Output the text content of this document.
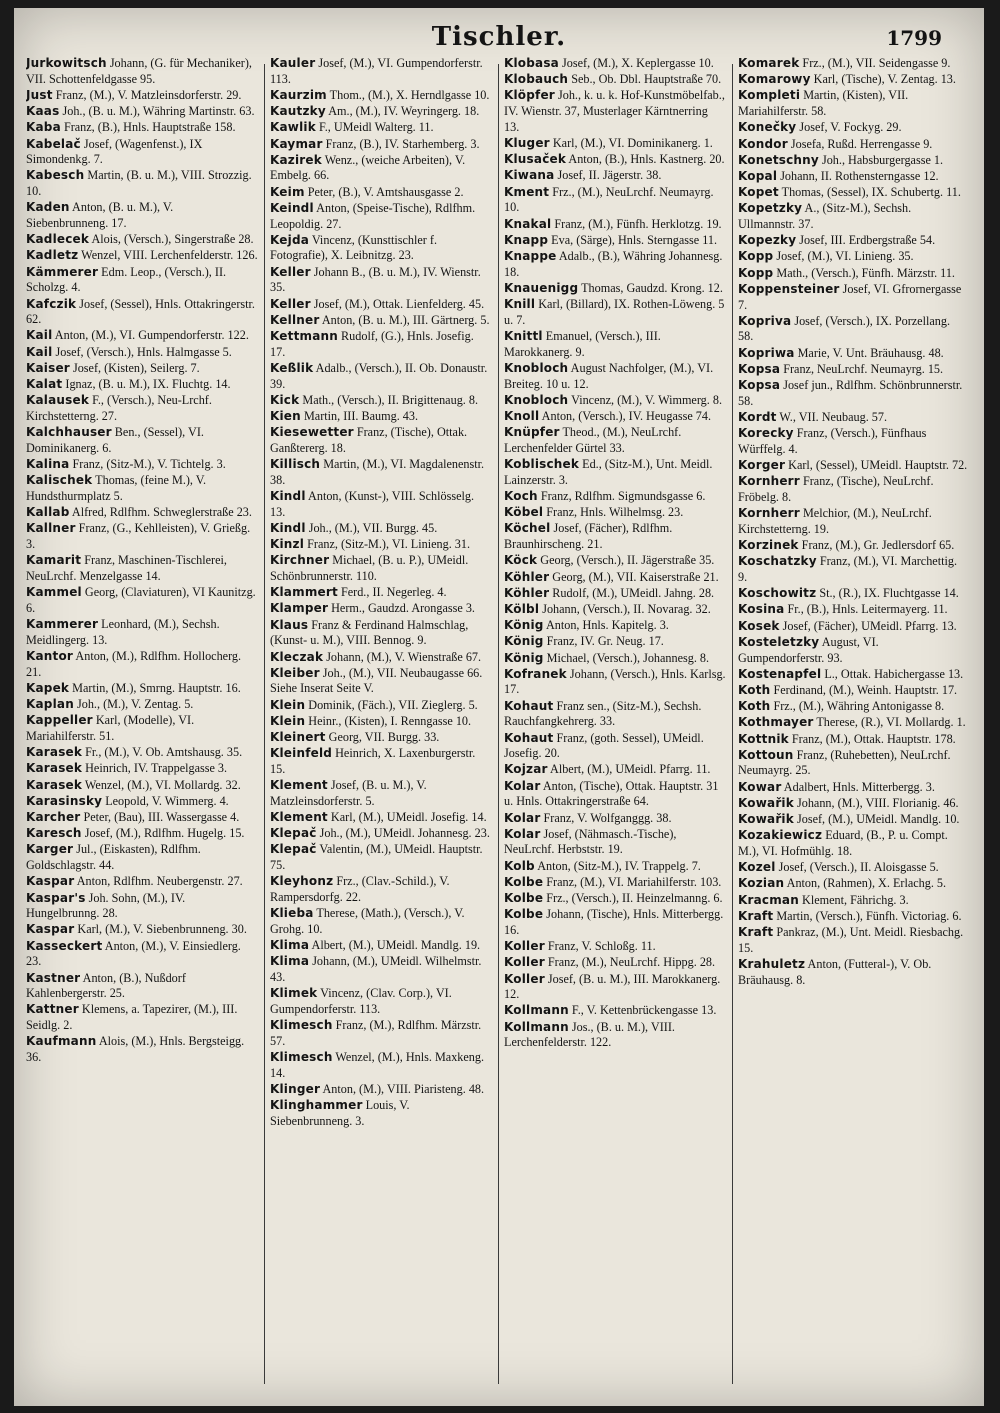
Tischler.	1799
Jurkowitsch Johann, (G. für Mechaniker), VII. Schottenfeldgasse 95.
Just Franz, (M.), V. Matzleinsdorferstr. 29.
Kaas Joh., (B. u. M.), Währing Martinstr. 63.
Kaba Franz, (B.), Hnls. Hauptstraße 158.
Kabelač Josef, (Wagenfenst.), IX Simondenkg. 7.
Kabesch Martin, (B. u. M.), VIII. Strozzig. 10.
Kaden Anton, (B. u. M.), V. Siebenbrunneng. 17.
Kadlecek Alois, (Versch.), Singerstraße 28.
Kadletz Wenzel, VIII. Lerchenfelderstr. 126.
Kämmerer Edm. Leop., (Versch.), II. Scholzg. 4.
Kafczik Josef, (Sessel), Hnls. Ottakringerstr. 62.
Kail Anton, (M.), VI. Gumpendorferstr. 122.
Kail Josef, (Versch.), Hnls. Halmgasse 5.
Kaiser Josef, (Kisten), Seilerg. 7.
Kalat Ignaz, (B. u. M.), IX. Fluchtg. 14.
Kalausek F., (Versch.), Neu-Lrchf. Kirchstetterng. 27.
Kalchhauser Ben., (Sessel), VI. Dominikanerg. 6.
Kalina Franz, (Sitz-M.), V. Tichtelg. 3.
Kalischek Thomas, (feine M.), V. Hundsthurmplatz 5.
Kallab Alfred, Rdlfhm. Schweglerstraße 23.
Kallner Franz, (G., Kehlleisten), V. Grießg. 3.
Kamarit Franz, Maschinen-Tischlerei, NeuLrchf. Menzelgasse 14.
Kammel Georg, (Claviaturen), VI Kaunitzg. 6.
Kammerer Leonhard, (M.), Sechsh. Meidlingerg. 13.
Kantor Anton, (M.), Rdlfhm. Hollocherg. 21.
Kapek Martin, (M.), Smrng. Hauptstr. 16.
Kaplan Joh., (M.), V. Zentag. 5.
Kappeller Karl, (Modelle), VI. Mariahilferstr. 51.
Karasek Fr., (M.), V. Ob. Amtshausg. 35.
Karasek Heinrich, IV. Trappelgasse 3.
Karasek Wenzel, (M.), VI. Mollardg. 32.
Karasinsky Leopold, V. Wimmerg. 4.
Karcher Peter, (Bau), III. Wassergasse 4.
Karesch Josef, (M.), Rdlfhm. Hugelg. 15.
Karger Jul., (Eiskasten), Rdlfhm. Goldschlagstr. 44.
Kaspar Anton, Rdlfhm. Neubergenstr. 27.
Kaspar's Joh. Sohn, (M.), IV. Hungelbrunng. 28.
Kaspar Karl, (M.), V. Siebenbrunneng. 30.
Kasseckert Anton, (M.), V. Einsiedlerg. 23.
Kastner Anton, (B.), Nußdorf Kahlenbergerstr. 25.
Kattner Klemens, a. Tapezirer, (M.), III. Seidlg. 2.
Kaufmann Alois, (M.), Hnls. Bergsteigg. 36.
Kauler Josef, (M.), VI. Gumpendorferstr. 113.
Kaurzim Thom., (M.), X. Herndlgasse 10.
Kautzky Am., (M.), IV. Weyringerg. 18.
Kawlik F., UMeidl Walterg. 11.
Kaymar Franz, (B.), IV. Starhemberg. 3.
Kazirek Wenz., (weiche Arbeiten), V. Embelg. 66.
Keim Peter, (B.), V. Amtshausgasse 2.
Keindl Anton, (Speise-Tische), Rdlfhm. Leopoldig. 27.
Kejda Vincenz, (Kunsttischler f. Fotografie), X. Leibnitzg. 23.
Keller Johann B., (B. u. M.), IV. Wienstr. 35.
Keller Josef, (M.), Ottak. Lienfelderg. 45.
Kellner Anton, (B. u. M.), III. Gärtnerg. 5.
Kettmann Rudolf, (G.), Hnls. Josefig. 17.
Keßlik Adalb., (Versch.), II. Ob. Donaustr. 39.
Kick Math., (Versch.), II. Brigittenaug. 8.
Kien Martin, III. Baumg. 43.
Kiesewetter Franz, (Tische), Ottak. Ganßtererg. 18.
Killisch Martin, (M.), VI. Magdalenenstr. 38.
Kindl Anton, (Kunst-), VIII. Schlösselg. 13.
Kindl Joh., (M.), VII. Burgg. 45.
Kinzl Franz, (Sitz-M.), VI. Linieng. 31.
Kirchner Michael, (B. u. P.), UMeidl. Schönbrunnerstr. 110.
Klammert Ferd., II. Negerleg. 4.
Klamper Herm., Gaudzd. Arongasse 3.
Klaus Franz & Ferdinand Halmschlag, (Kunst- u. M.), VIII. Bennog. 9.
Kleczak Johann, (M.), V. Wienstraße 67.
Kleiber Joh., (M.), VII. Neubaugasse 66. Siehe Inserat Seite V.
Klein Dominik, (Fäch.), VII. Zieglerg. 5.
Klein Heinr., (Kisten), I. Renngasse 10.
Kleinert Georg, VII. Burgg. 33.
Kleinfeld Heinrich, X. Laxenburgerstr. 15.
Klement Josef, (B. u. M.), V. Matzleinsdorferstr. 5.
Klement Karl, (M.), UMeidl. Josefig. 14.
Klepač Joh., (M.), UMeidl. Johannesg. 23.
Klepač Valentin, (M.), UMeidl. Hauptstr. 75.
Kleyhonz Frz., (Clav.-Schild.), V. Rampersdorfg. 22.
Klieba Therese, (Math.), (Versch.), V. Grohg. 10.
Klima Albert, (M.), UMeidl. Mandlg. 19.
Klima Johann, (M.), UMeidl. Wilhelmstr. 43.
Klimek Vincenz, (Clav. Corp.), VI. Gumpendorferstr. 113.
Klimesch Franz, (M.), Rdlfhm. Märzstr. 57.
Klimesch Wenzel, (M.), Hnls. Maxkeng. 14.
Klinger Anton, (M.), VIII. Piaristeng. 48.
Klinghammer Louis, V. Siebenbrunneng. 3.
Klobasa Josef, (M.), X. Keplergasse 10.
Klobauch Seb., Ob. Dbl. Hauptstraße 70.
Klöpfer Joh., k. u. k. Hof-Kunstmöbelfab., IV. Wienstr. 37, Musterlager Kärntnerring 13.
Kluger Karl, (M.), VI. Dominikanerg. 1.
Klusaček Anton, (B.), Hnls. Kastnerg. 20.
Kiwana Josef, II. Jägerstr. 38.
Kment Frz., (M.), NeuLrchf. Neumayrg. 10.
Knakal Franz, (M.), Fünfh. Herklotzg. 19.
Knapp Eva, (Särge), Hnls. Sterngasse 11.
Knappe Adalb., (B.), Währing Johannesg. 18.
Knauenigg Thomas, Gaudzd. Krong. 12.
Knill Karl, (Billard), IX. Rothen-Löweng. 5 u. 7.
Knittl Emanuel, (Versch.), III. Marokkanerg. 9.
Knobloch August Nachfolger, (M.), VI. Breiteg. 10 u. 12.
Knobloch Vincenz, (M.), V. Wimmerg. 8.
Knoll Anton, (Versch.), IV. Heugasse 74.
Knüpfer Theod., (M.), NeuLrchf. Lerchenfelder Gürtel 33.
Koblischek Ed., (Sitz-M.), Unt. Meidl. Lainzerstr. 3.
Koch Franz, Rdlfhm. Sigmundsgasse 6.
Köbel Franz, Hnls. Wilhelmsg. 23.
Köchel Josef, (Fächer), Rdlfhm. Braunhirscheng. 21.
Köck Georg, (Versch.), II. Jägerstraße 35.
Köhler Georg, (M.), VII. Kaiserstraße 21.
Köhler Rudolf, (M.), UMeidl. Jahng. 28.
Kölbl Johann, (Versch.), II. Novarag. 32.
König Anton, Hnls. Kapitelg. 3.
König Franz, IV. Gr. Neug. 17.
König Michael, (Versch.), Johannesg. 8.
Kofranek Johann, (Versch.), Hnls. Karlsg. 17.
Kohaut Franz sen., (Sitz-M.), Sechsh. Rauchfangkehrerg. 33.
Kohaut Franz, (goth. Sessel), UMeidl. Josefig. 20.
Kojzar Albert, (M.), UMeidl. Pfarrg. 11.
Kolar Anton, (Tische), Ottak. Hauptstr. 31 u. Hnls. Ottakringerstraße 64.
Kolar Franz, V. Wolfganggg. 38.
Kolar Josef, (Nähmasch.-Tische), NeuLrchf. Herbststr. 19.
Kolb Anton, (Sitz-M.), IV. Trappelg. 7.
Kolbe Franz, (M.), VI. Mariahilferstr. 103.
Kolbe Frz., (Versch.), II. Heinzelmanng. 6.
Kolbe Johann, (Tische), Hnls. Mitterbergg. 16.
Koller Franz, V. Schloßg. 11.
Koller Franz, (M.), NeuLrchf. Hippg. 28.
Koller Josef, (B. u. M.), III. Marokkanerg. 12.
Kollmann F., V. Kettenbrückengasse 13.
Kollmann Jos., (B. u. M.), VIII. Lerchenfelderstr. 122.
Komarek Frz., (M.), VII. Seidengasse 9.
Komarowy Karl, (Tische), V. Zentag. 13.
Kompleti Martin, (Kisten), VII. Mariahilferstr. 58.
Konečky Josef, V. Fockyg. 29.
Kondor Josefa, Rußd. Herrengasse 9.
Konetschny Joh., Habsburgergasse 1.
Kopal Johann, II. Rothensterngasse 12.
Kopet Thomas, (Sessel), IX. Schubertg. 11.
Kopetzky A., (Sitz-M.), Sechsh. Ullmannstr. 37.
Kopezky Josef, III. Erdbergstraße 54.
Kopp Josef, (M.), VI. Linieng. 35.
Kopp Math., (Versch.), Fünfh. Märzstr. 11.
Koppensteiner Josef, VI. Gfrornergasse 7.
Kopriva Josef, (Versch.), IX. Porzellang. 58.
Kopriwa Marie, V. Unt. Bräuhausg. 48.
Kopsa Franz, NeuLrchf. Neumayrg. 15.
Kopsa Josef jun., Rdlfhm. Schönbrunnerstr. 58.
Kordt W., VII. Neubaug. 57.
Korecky Franz, (Versch.), Fünfhaus Würffelg. 4.
Korger Karl, (Sessel), UMeidl. Hauptstr. 72.
Kornherr Franz, (Tische), NeuLrchf. Fröbelg. 8.
Kornherr Melchior, (M.), NeuLrchf. Kirchstetterng. 19.
Korzinek Franz, (M.), Gr. Jedlersdorf 65.
Koschatzky Franz, (M.), VI. Marchettig. 9.
Koschowitz St., (R.), IX. Fluchtgasse 14.
Kosina Fr., (B.), Hnls. Leitermayerg. 11.
Kosek Josef, (Fächer), UMeidl. Pfarrg. 13.
Kosteletzky August, VI. Gumpendorferstr. 93.
Kostenapfel L., Ottak. Habichergasse 13.
Koth Ferdinand, (M.), Weinh. Hauptstr. 17.
Koth Frz., (M.), Währing Antonigasse 8.
Kothmayer Therese, (R.), VI. Mollardg. 1.
Kottnik Franz, (M.), Ottak. Hauptstr. 178.
Kottoun Franz, (Ruhebetten), NeuLrchf. Neumayrg. 25.
Kowar Adalbert, Hnls. Mitterbergg. 3.
Kowařik Johann, (M.), VIII. Florianig. 46.
Kowařik Josef, (M.), UMeidl. Mandlg. 10.
Kozakiewicz Eduard, (B., P. u. Compt. M.), VI. Hofmühlg. 18.
Kozel Josef, (Versch.), II. Aloisgasse 5.
Kozian Anton, (Rahmen), X. Erlachg. 5.
Kracman Klement, Fährichg. 3.
Kraft Martin, (Versch.), Fünfh. Victoriag. 6.
Kraft Pankraz, (M.), Unt. Meidl. Riesbachg. 15.
Krahuletz Anton, (Futteral-), V. Ob. Bräuhausg. 8.
